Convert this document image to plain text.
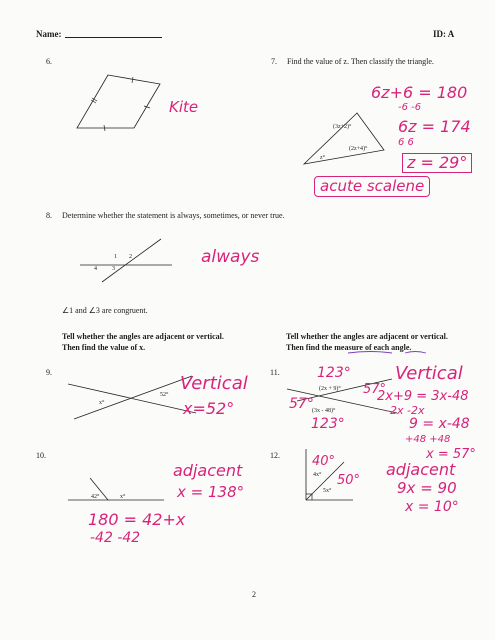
Name:	ID: A
6.
Kite
7. Find the value of z. Then classify the triangle.
(3z+2)°
(2z+4)°
z°
6z+6 = 180
-6 -6
6z = 174
6 6
z = 29°
acute scalene
8. Determine whether the statement is always, sometimes, or never true.
1 2
4	3
∠1 and ∠3 are congruent.
always
Tell whether the angles are adjacent or vertical.
Then find the value of x.
Tell whether the angles are adjacent or vertical.
Then find the measure of each angle.
9.
x°
52°
Vertical
x=52°
10.
42°	x°
adjacent
x = 138°
180 = 42+x
-42 -42
11.
(2x + 9)°
(3x - 48)°
123°
57°
57°
123°
Vertical
2x+9 = 3x-48
-2x -2x
9 = x-48
+48 +48
x = 57°
12.
4x°
5x°
40°
50°
adjacent
9x = 90
x = 10°
2
